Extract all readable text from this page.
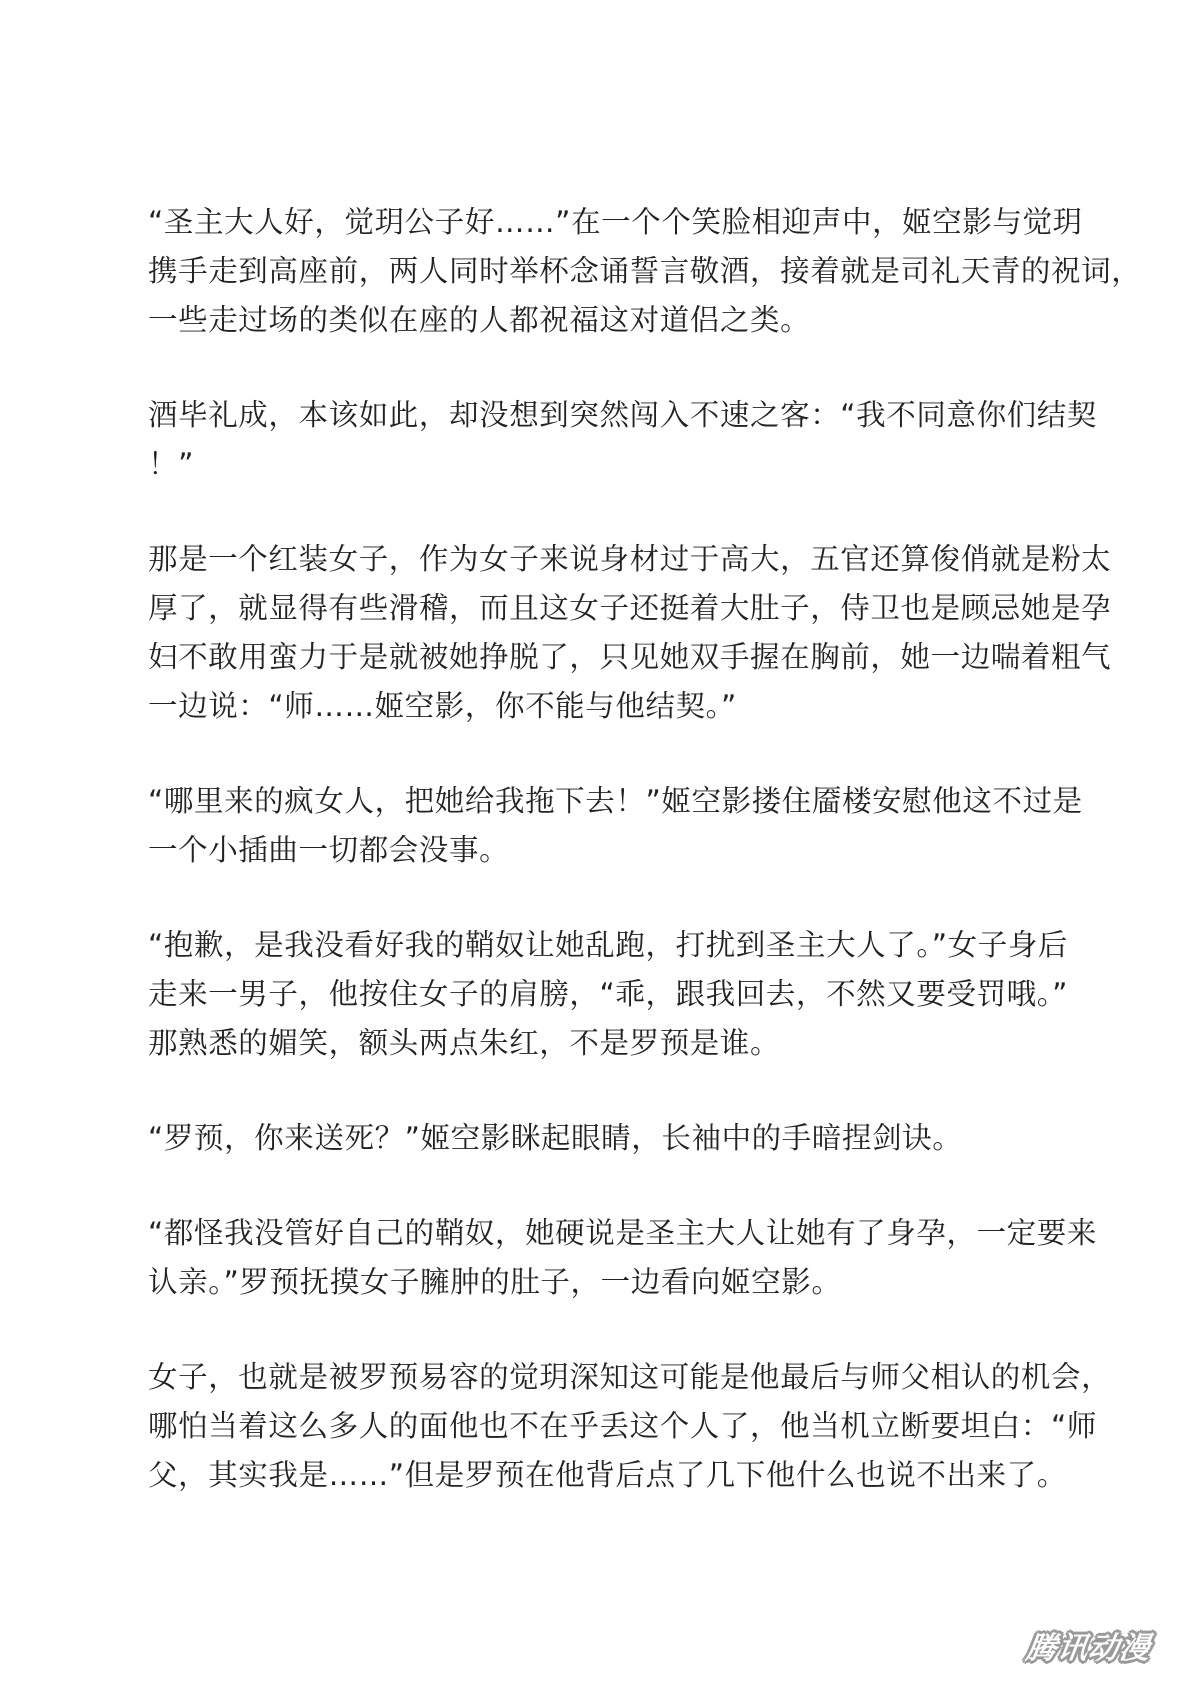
“圣主大人好，觉玥公子好……”在一个个笑脸相迎声中，姬空影与觉玥
携手走到高座前，两人同时举杯念诵誓言敬酒，接着就是司礼天青的祝词，
一些走过场的类似在座的人都祝福这对道侣之类。

酒毕礼成，本该如此，却没想到突然闯入不速之客：“我不同意你们结契
！”

那是一个红装女子，作为女子来说身材过于高大，五官还算俊俏就是粉太
厚了，就显得有些滑稽，而且这女子还挺着大肚子，侍卫也是顾忌她是孕
妇不敢用蛮力于是就被她挣脱了，只见她双手握在胸前，她一边喘着粗气
一边说：“师……姬空影，你不能与他结契。”

“哪里来的疯女人，把她给我拖下去！”姬空影搂住靥楼安慰他这不过是
一个小插曲一切都会没事。

“抱歉，是我没看好我的鞘奴让她乱跑，打扰到圣主大人了。”女子身后
走来一男子，他按住女子的肩膀，“乖，跟我回去，不然又要受罚哦。”
那熟悉的媚笑，额头两点朱红，不是罗预是谁。

“罗预，你来送死？”姬空影眯起眼睛，长袖中的手暗捏剑诀。

“都怪我没管好自己的鞘奴，她硬说是圣主大人让她有了身孕，一定要来
认亲。”罗预抚摸女子臃肿的肚子，一边看向姬空影。

女子，也就是被罗预易容的觉玥深知这可能是他最后与师父相认的机会，
哪怕当着这么多人的面他也不在乎丢这个人了，他当机立断要坦白：“师
父，其实我是……”但是罗预在他背后点了几下他什么也说不出来了。

腾讯动漫
